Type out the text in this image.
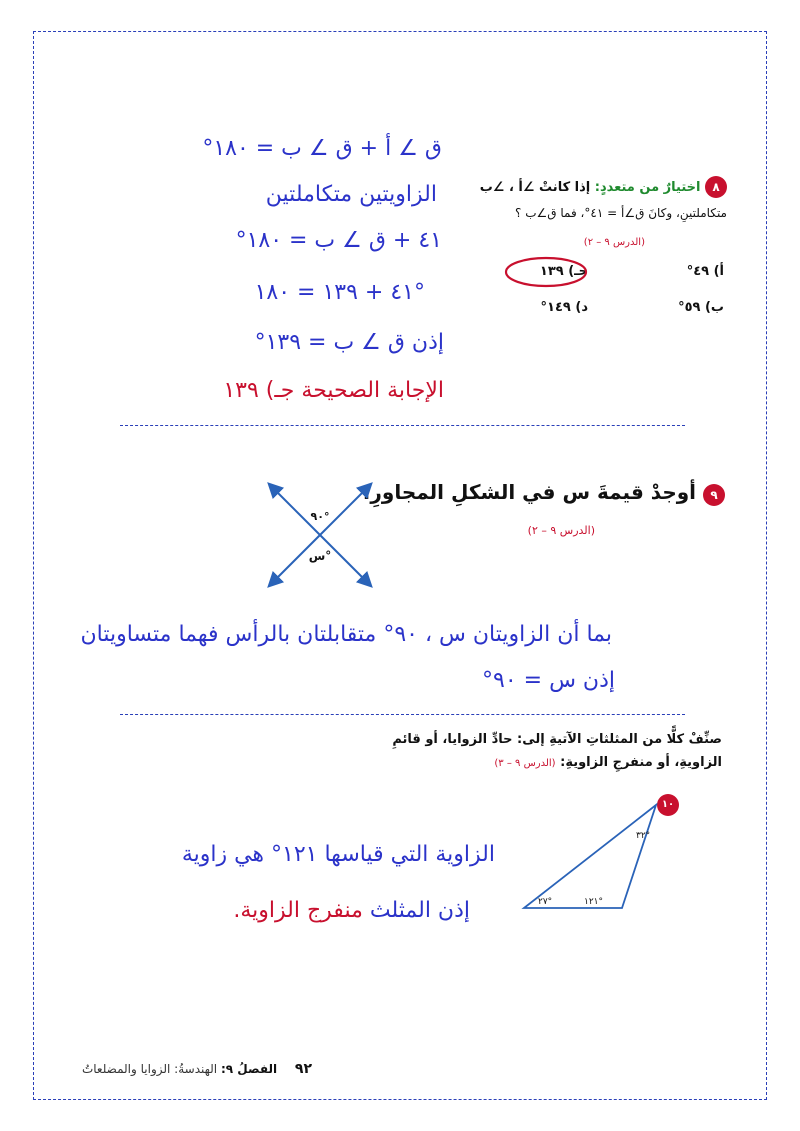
ق ∠ أ + ق ∠ ب = ١٨٠°
الزاويتين متكاملتين
٤١ + ق ∠ ب = ١٨٠°
٤١ + ١٣٩ = ١٨٠°
إذن ق ∠ ب = ١٣٩°
الإجابة الصحيحة جـ) ١٣٩
٨ اختيارٌ من متعددٍ: إذا كانتْ ∠أ ، ∠ب
متكاملتينِ، وكانَ ق∠أ = ٤١°، فما ق∠ب ؟
(الدرس ٩ – ٢)
أ) ٤٩°
ب) ٥٩°
جـ) ١٣٩
د) ١٤٩°
٩ أوجدْ قيمةَ س في الشكلِ المجاورِ.
(الدرس ٩ – ٢)
٩٠°
س°
بما أن الزاويتان س ، ٩٠° متقابلتان بالرأس فهما متساويتان
إذن س = ٩٠°
صنِّفْ كلًّا من المثلثاتِ الآتيةِ إلى: حادِّ الزوايا، أو قائمِ
الزاويةِ، أو منفرجِ الزاويةِ: (الدرس ٩ – ٣)
١٠
٣٢°
١٢١°
٢٧°
الزاوية التي قياسها ١٢١° هي زاوية
إذن المثلث منفرج الزاوية.
٩٢ الفصلُ ٩: الهندسةُ: الزوايا والمضلعاتُ
